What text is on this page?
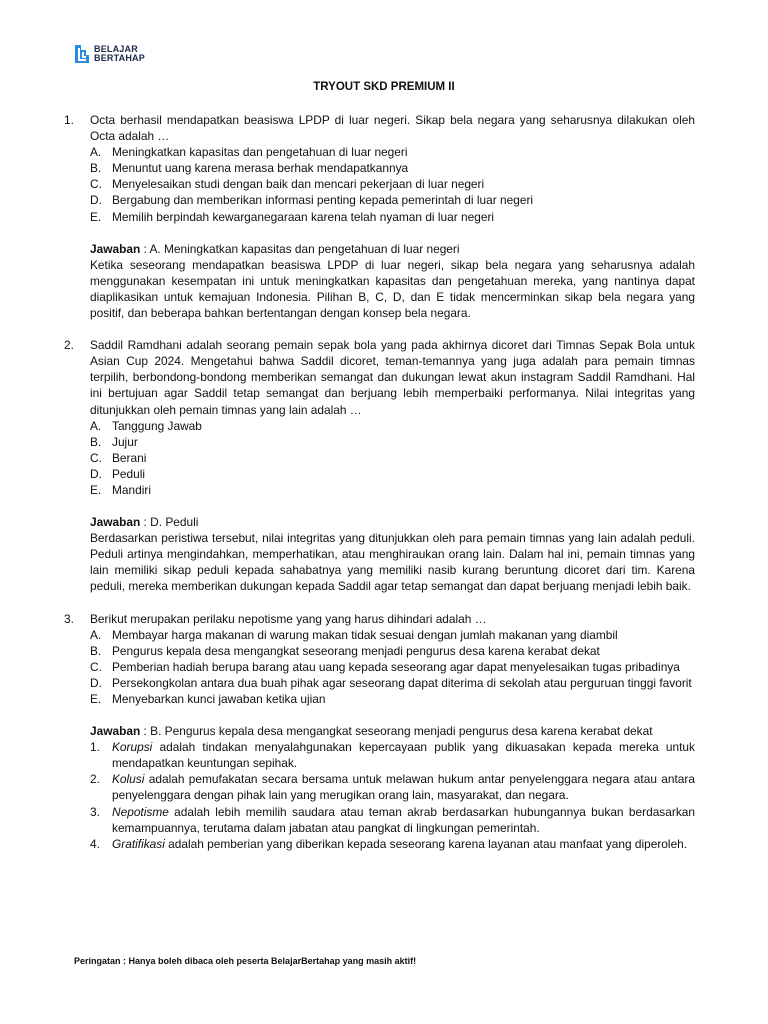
BELAJAR
BERTAHAP
TRYOUT SKD PREMIUM II
1.	Octa berhasil mendapatkan beasiswa LPDP di luar negeri. Sikap bela negara yang seharusnya dilakukan oleh Octa adalah …
A. Meningkatkan kapasitas dan pengetahuan di luar negeri
B. Menuntut uang karena merasa berhak mendapatkannya
C. Menyelesaikan studi dengan baik dan mencari pekerjaan di luar negeri
D. Bergabung dan memberikan informasi penting kepada pemerintah di luar negeri
E. Memilih berpindah kewarganegaraan karena telah nyaman di luar negeri
Jawaban : A. Meningkatkan kapasitas dan pengetahuan di luar negeri
Ketika seseorang mendapatkan beasiswa LPDP di luar negeri, sikap bela negara yang seharusnya adalah menggunakan kesempatan ini untuk meningkatkan kapasitas dan pengetahuan mereka, yang nantinya dapat diaplikasikan untuk kemajuan Indonesia. Pilihan B, C, D, dan E tidak mencerminkan sikap bela negara yang positif, dan beberapa bahkan bertentangan dengan konsep bela negara.
2.	Saddil Ramdhani adalah seorang pemain sepak bola yang pada akhirnya dicoret dari Timnas Sepak Bola untuk Asian Cup 2024. Mengetahui bahwa Saddil dicoret, teman-temannya yang juga adalah para pemain timnas terpilih, berbondong-bondong memberikan semangat dan dukungan lewat akun instagram Saddil Ramdhani. Hal ini bertujuan agar Saddil tetap semangat dan berjuang lebih memperbaiki performanya. Nilai integritas yang ditunjukkan oleh pemain timnas yang lain adalah …
A. Tanggung Jawab
B. Jujur
C. Berani
D. Peduli
E. Mandiri
Jawaban : D. Peduli
Berdasarkan peristiwa tersebut, nilai integritas yang ditunjukkan oleh para pemain timnas yang lain adalah peduli. Peduli artinya mengindahkan, memperhatikan, atau menghiraukan orang lain. Dalam hal ini, pemain timnas yang lain memiliki sikap peduli kepada sahabatnya yang memiliki nasib kurang beruntung dicoret dari tim. Karena peduli, mereka memberikan dukungan kepada Saddil agar tetap semangat dan dapat berjuang menjadi lebih baik.
3.	Berikut merupakan perilaku nepotisme yang yang harus dihindari adalah …
A. Membayar harga makanan di warung makan tidak sesuai dengan jumlah makanan yang diambil
B. Pengurus kepala desa mengangkat seseorang menjadi pengurus desa karena kerabat dekat
C. Pemberian hadiah berupa barang atau uang kepada seseorang agar dapat menyelesaikan tugas pribadinya
D. Persekongkolan antara dua buah pihak agar seseorang dapat diterima di sekolah atau perguruan tinggi favorit
E. Menyebarkan kunci jawaban ketika ujian
Jawaban : B. Pengurus kepala desa mengangkat seseorang menjadi pengurus desa karena kerabat dekat
1.	Korupsi adalah tindakan menyalahgunakan kepercayaan publik yang dikuasakan kepada mereka untuk mendapatkan keuntungan sepihak.
2.	Kolusi adalah pemufakatan secara bersama untuk melawan hukum antar penyelenggara negara atau antara penyelenggara dengan pihak lain yang merugikan orang lain, masyarakat, dan negara.
3.	Nepotisme adalah lebih memilih saudara atau teman akrab berdasarkan hubungannya bukan berdasarkan kemampuannya, terutama dalam jabatan atau pangkat di lingkungan pemerintah.
4.	Gratifikasi adalah pemberian yang diberikan kepada seseorang karena layanan atau manfaat yang diperoleh.
Peringatan : Hanya boleh dibaca oleh peserta BelajarBertahap yang masih aktif!
